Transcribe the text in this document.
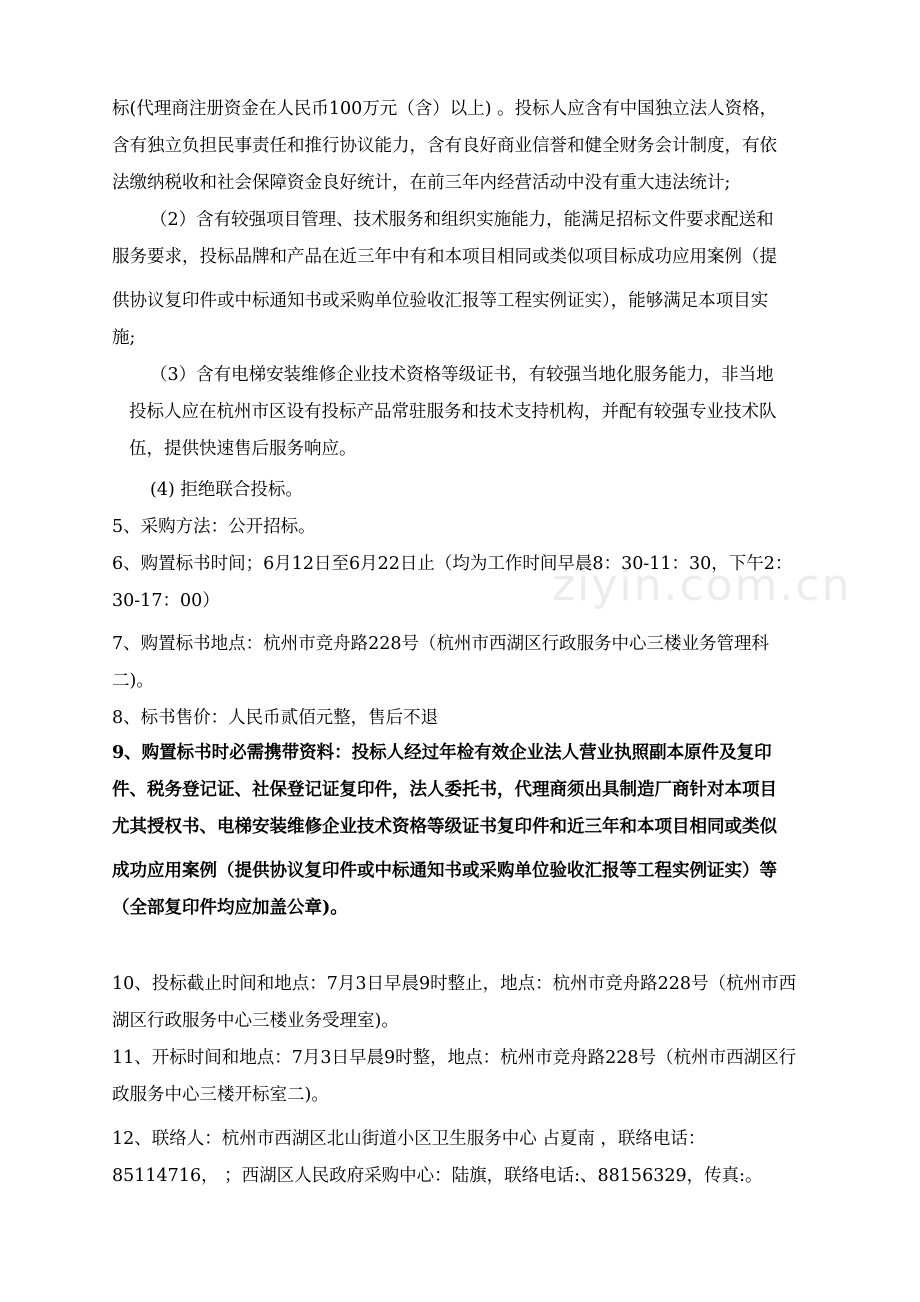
ziyin.com.cn
标(代理商注册资金在人民币100万元（含）以上) 。投标人应含有中国独立法人资格，
含有独立负担民事责任和推行协议能力，含有良好商业信誉和健全财务会计制度，有依
法缴纳税收和社会保障资金良好统计，在前三年内经营活动中没有重大违法统计;
（2）含有较强项目管理、技术服务和组织实施能力，能满足招标文件要求配送和
服务要求，投标品牌和产品在近三年中有和本项目相同或类似项目标成功应用案例（提
供协议复印件或中标通知书或采购单位验收汇报等工程实例证实），能够满足本项目实
施;
（3）含有电梯安装维修企业技术资格等级证书，有较强当地化服务能力，非当地
投标人应在杭州市区设有投标产品常驻服务和技术支持机构，并配有较强专业技术队
伍，提供快速售后服务响应。
(4) 拒绝联合投标。
5、采购方法：公开招标。
6、购置标书时间；6月12日至6月22日止（均为工作时间早晨8：30-11：30，下午2：
30-17：00）
7、购置标书地点：杭州市竞舟路228号（杭州市西湖区行政服务中心三楼业务管理科
二)。
8、标书售价：人民币贰佰元整，售后不退
9、购置标书时必需携带资料：投标人经过年检有效企业法人营业执照副本原件及复印
件、税务登记证、社保登记证复印件，法人委托书，代理商须出具制造厂商针对本项目
尤其授权书、电梯安装维修企业技术资格等级证书复印件和近三年和本项目相同或类似
成功应用案例（提供协议复印件或中标通知书或采购单位验收汇报等工程实例证实）等
（全部复印件均应加盖公章)。
10、投标截止时间和地点：7月3日早晨9时整止，地点：杭州市竞舟路228号（杭州市西
湖区行政服务中心三楼业务受理室)。
11、开标时间和地点：7月3日早晨9时整，地点：杭州市竞舟路228号（杭州市西湖区行
政服务中心三楼开标室二)。
12、联络人：杭州市西湖区北山街道小区卫生服务中心 占夏南 ，联络电话：
85114716， ；西湖区人民政府采购中心：陆旗，联络电话:、88156329，传真:。
